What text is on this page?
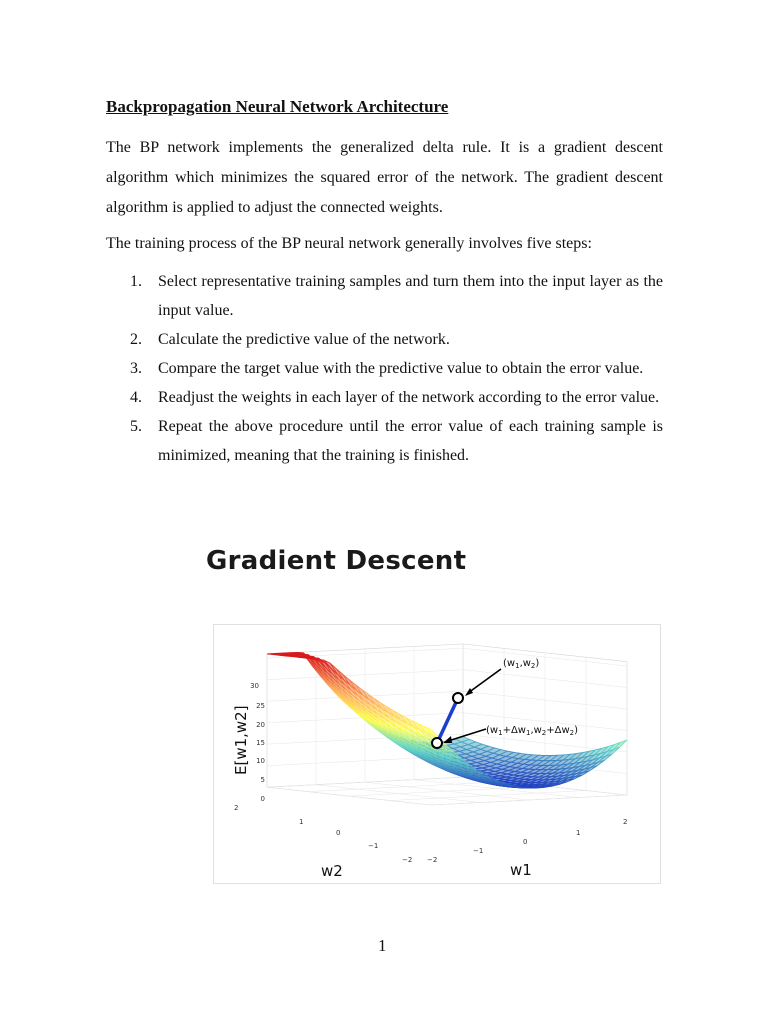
Backpropagation Neural Network Architecture
The BP network implements the generalized delta rule. It is a gradient descent algorithm which minimizes the squared error of the network. The gradient descent algorithm is applied to adjust the connected weights.
The training process of the BP neural network generally involves five steps:
1. Select representative training samples and turn them into the input layer as the input value.
2. Calculate the predictive value of the network.
3. Compare the target value with the predictive value to obtain the error value.
4. Readjust the weights in each layer of the network according to the error value.
5. Repeat the above procedure until the error value of each training sample is minimized, meaning that the training is finished.
Gradient Descent
30
25
20
15
10
5
0
2
1
0
−1
−2 −2
−1
0
1
2
E[w1,w2]
w2	w1
$(w_1,w_2)$
$(w_1+\Delta w_1,w_2+\Delta w_2)$
1
